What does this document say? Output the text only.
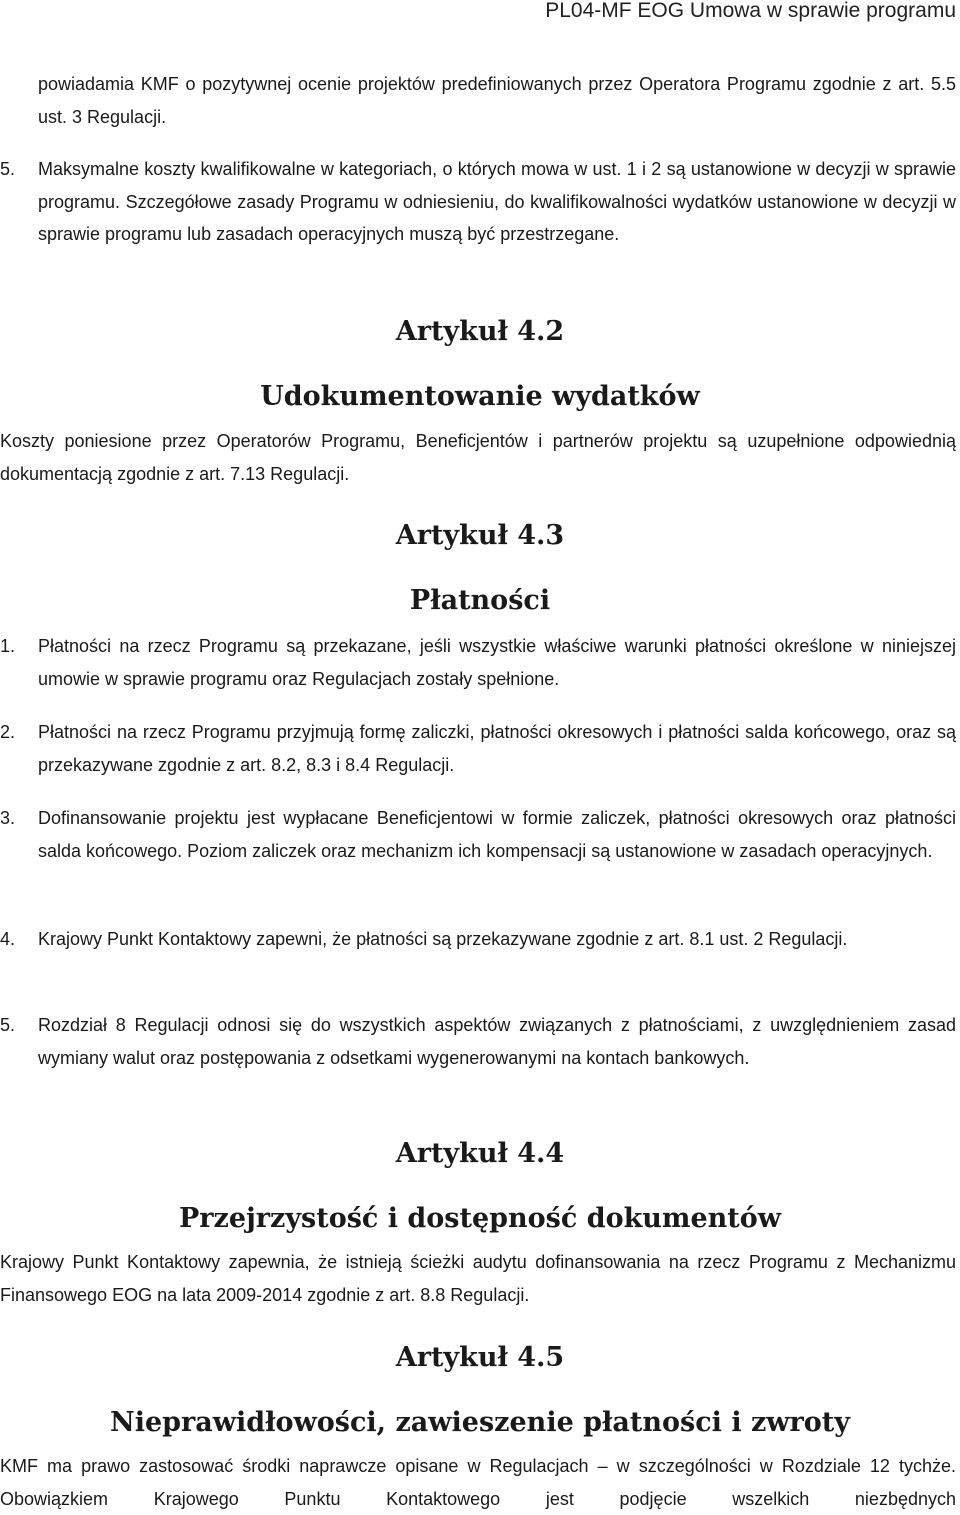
PL04-MF EOG Umowa w sprawie programu

powiadamia KMF o pozytywnej ocenie projektów predefiniowanych przez Operatora Programu zgodnie z art. 5.5 ust. 3 Regulacji.

5. Maksymalne koszty kwalifikowalne w kategoriach, o których mowa w ust. 1 i 2 są ustanowione w decyzji w sprawie programu. Szczegółowe zasady Programu w odniesieniu, do kwalifikowalności wydatków ustanowione w decyzji w sprawie programu lub zasadach operacyjnych muszą być przestrzegane.

Artykuł 4.2
Udokumentowanie wydatków

Koszty poniesione przez Operatorów Programu, Beneficjentów i partnerów projektu są uzupełnione odpowiednią dokumentacją zgodnie z art. 7.13 Regulacji.

Artykuł 4.3
Płatności
1. Płatności na rzecz Programu są przekazane, jeśli wszystkie właściwe warunki płatności określone w niniejszej umowie w sprawie programu oraz Regulacjach zostały spełnione.

2. Płatności na rzecz Programu przyjmują formę zaliczki, płatności okresowych i płatności salda końcowego, oraz są przekazywane zgodnie z art. 8.2, 8.3 i 8.4 Regulacji.

3. Dofinansowanie projektu jest wypłacane Beneficjentowi w formie zaliczek, płatności okresowych oraz płatności salda końcowego. Poziom zaliczek oraz mechanizm ich kompensacji są ustanowione w zasadach operacyjnych.

4. Krajowy Punkt Kontaktowy zapewni, że płatności są przekazywane zgodnie z art. 8.1 ust. 2 Regulacji.

5. Rozdział 8 Regulacji odnosi się do wszystkich aspektów związanych z płatnościami, z uwzględnieniem zasad wymiany walut oraz postępowania z odsetkami wygenerowanymi na kontach bankowych.

Artykuł 4.4
Przejrzystość i dostępność dokumentów

Krajowy Punkt Kontaktowy zapewnia, że istnieją ścieżki audytu dofinansowania na rzecz Programu z Mechanizmu Finansowego EOG na lata 2009-2014 zgodnie z art. 8.8 Regulacji.

Artykuł 4.5
Nieprawidłowości, zawieszenie płatności i zwroty

KMF ma prawo zastosować środki naprawcze opisane w Regulacjach – w szczególności w Rozdziale 12 tychże. Obowiązkiem Krajowego Punktu Kontaktowego jest podjęcie wszelkich niezbędnych
